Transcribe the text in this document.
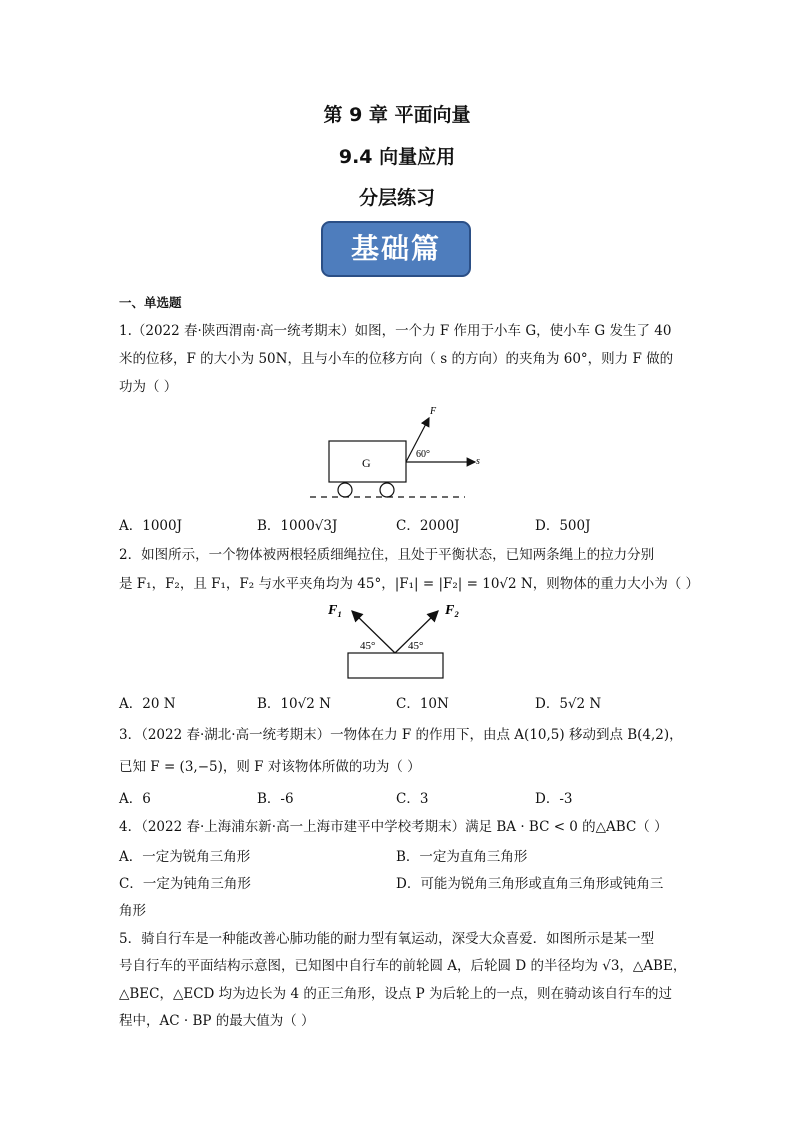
第 9 章 平面向量
9.4 向量应用
分层练习
基础篇
一、单选题
1.（2022 春·陕西渭南·高一统考期末）如图，一个力 F 作用于小车 G，使小车 G 发生了 40
米的位移，F 的大小为 50N，且与小车的位移方向（ s 的方向）的夹角为 60°，则力 F 做的
功为（ ）
G
F
s
60°
A．1000J	B．1000√3J	C．2000J	D．500J
2．如图所示，一个物体被两根轻质细绳拉住，且处于平衡状态，已知两条绳上的拉力分别
是 F₁，F₂，且 F₁，F₂ 与水平夹角均为 45°，|F₁| = |F₂| = 10√2 N，则物体的重力大小为（ ）
F₁	F₂
45°	45°
A．20 N	B．10√2 N	C．10N	D．5√2 N
3．（2022 春·湖北·高一统考期末）一物体在力 F 的作用下，由点 A(10,5) 移动到点 B(4,2)，
已知 F = (3,−5)，则 F 对该物体所做的功为（ ）
A．6	B．-6	C．3	D．-3
4．（2022 春·上海浦东新·高一上海市建平中学校考期末）满足 BA · BC < 0 的△ABC（ ）
A．一定为锐角三角形	B．一定为直角三角形
C．一定为钝角三角形	D．可能为锐角三角形或直角三角形或钝角三
角形
5．骑自行车是一种能改善心肺功能的耐力型有氧运动，深受大众喜爱．如图所示是某一型
号自行车的平面结构示意图，已知图中自行车的前轮圆 A，后轮圆 D 的半径均为 √3，△ABE，
△BEC，△ECD 均为边长为 4 的正三角形，设点 P 为后轮上的一点，则在骑动该自行车的过
程中，AC · BP 的最大值为（ ）
